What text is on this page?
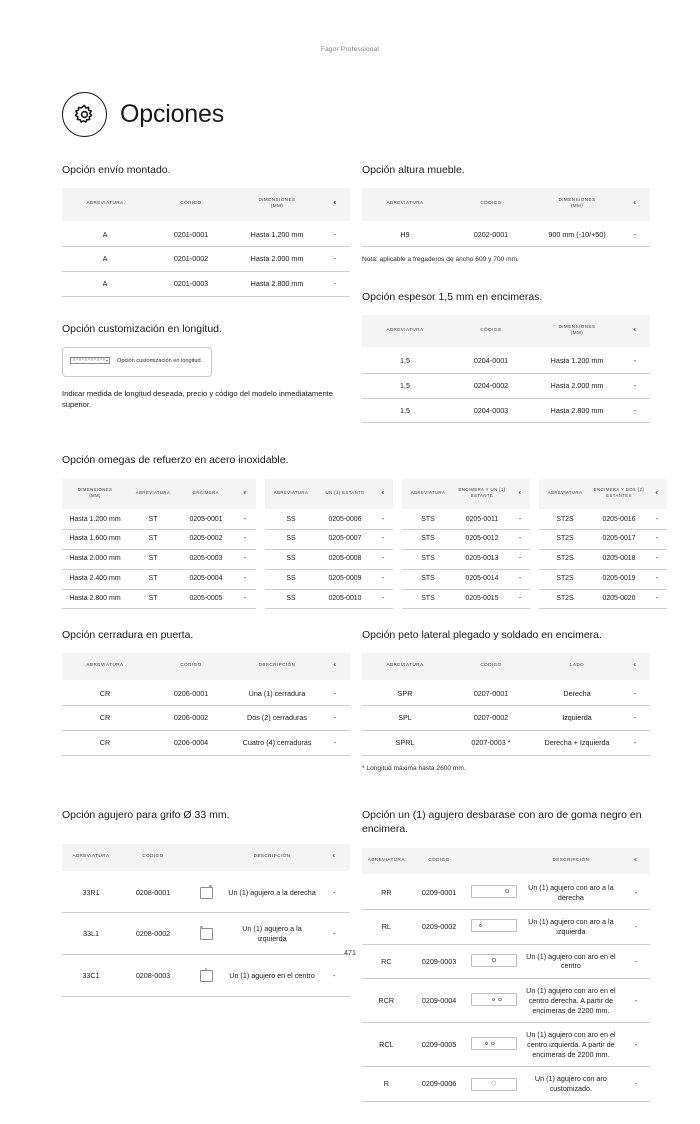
Fagor Professional
Opciones
Opción envío montado.
ABREVIATURA	CÓDIGO	DIMENSIONES
(MM)	€
A	0201-0001	Hasta 1.200 mm	-
A	0201-0002	Hasta 2.000 mm	-
A	0201-0003	Hasta 2.800 mm	-
Opción customización en longitud.
Opción customización en longitud.
Indicar medida de longitud deseada, precio y código del modelo inmediatamente superior.
Opción altura mueble.
ABREVIATURA	CÓDIGO	DIMENSIONES
(MM)	€
H9	0202-0001	900 mm (-10/+50)	-
Nota: aplicable a fregaderos de ancho 600 y 700 mm.
Opción espesor 1,5 mm en encimeras.
ABREVIATURA	CÓDIGO	DIMENSIONES
(MM)	€
1,5	0204-0001	Hasta 1.200 mm	-
1,5	0204-0002	Hasta 2.000 mm	-
1,5	0204-0003	Hasta 2.800 mm	-
Opción omegas de refuerzo en acero inoxidable.
DIMENSIONES
(MM)	ABREVIATURA	ENCIMERA	€		ABREVIATURA	UN (1) ESTANTE	€		ABREVIATURA	ENCIMERA Y UN (1) ESTANTE	€		ABREVIATURA	ENCIMERA Y DOS (2) ESTANTES	€
Hasta 1.200 mm	ST	0205-0001	-		SS	0205-0006	-		STS	0205-0011	-		ST2S	0205-0016	-
Hasta 1.600 mm	ST	0205-0002	-		SS	0205-0007	-		STS	0205-0012	-		ST2S	0205-0017	-
Hasta 2.000 mm	ST	0205-0003	-		SS	0205-0008	-		STS	0205-0013	-		ST2S	0205-0018	-
Hasta 2.400 mm	ST	0205-0004	-		SS	0205-0009	-		STS	0205-0014	-		ST2S	0205-0019	-
Hasta 2.800 mm	ST	0205-0005	-		SS	0205-0010	-		STS	0205-0015	-		ST2S	0205-0020	-
Opción cerradura en puerta.
ABREVIATURA	CÓDIGO	DESCRIPCIÓN	€
CR	0206-0001	Una (1) cerradura	-
CR	0206-0002	Dos (2) cerraduras	-
CR	0206-0004	Cuatro (4) cerraduras	-
Opción peto lateral plegado y soldado en encimera.
ABREVIATURA	CÓDIGO	LADO	€
SPR	0207-0001	Derecha	-
SPL	0207-0002	Izquierda	-
SPRL	0207-0003 *	Derecha + Izquierda	-
* Longitud máxima hasta 2600 mm.
Opción agujero para grifo Ø 33 mm.
ABREVIATURA	CÓDIGO		DESCRIPCIÓN	€
33R1	0208-0001		Un (1) agujero a la derecha	-
33L1	0208-0002		Un (1) agujero a la izquierda	-
33C1	0208-0003		Un (1) agujero en el centro	-
Opción un (1) agujero desbarase con aro de goma negro en encimera.
ABREVIATURA	CÓDIGO		DESCRIPCIÓN	€
RR	0209-0001		Un (1) agujero con aro a la derecha	-
RL	0209-0002		Un (1) agujero con aro a la izquierda	-
RC	0209-0003		Un (1) agujero con aro en el centro	-
RCR	0209-0004		Un (1) agujero con aro en el centro derecha. A partir de encimeras de 2200 mm.	-
RCL	0209-0005		Un (1) agujero con aro en el centro izquierda. A partir de encimeras de 2200 mm.	-
R	0209-0006	⬡	Un (1) agujero con aro customizado.	-
471
